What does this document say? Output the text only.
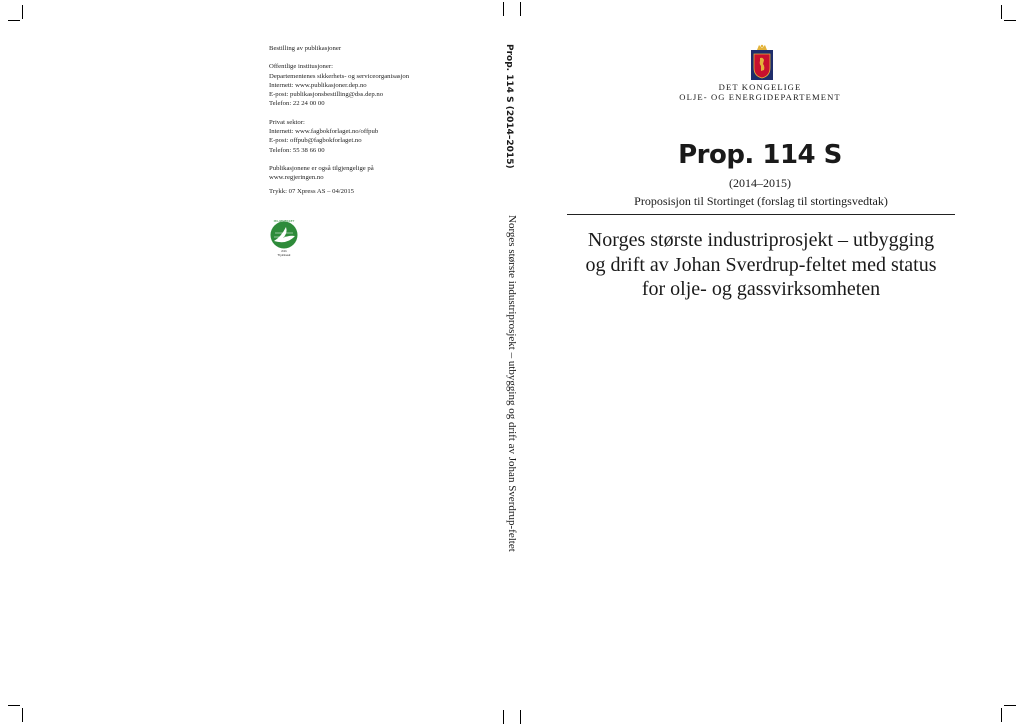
Bestilling av publikasjoner

Offentlige institusjoner:

Departementenes sikkerhets- og serviceorganisasjon

Internett: www.publikasjoner.dep.no

E-post: publikasjonsbestilling@dss.dep.no

Telefon: 22 24 00 00

Privat sektor:

Internett: www.fagbokforlaget.no/offpub

E-post: offpub@fagbokforlaget.no

Telefon: 55 38 66 00

Publikasjonene er også tilgjengelige på

www.regjeringen.no

Trykk: 07 Xpress AS – 04/2015

MILJØMERKET
241
Trykksak
Prop. 114 S (2014–2015)
Norges største industriprosjekt – utbygging og drift av Johan Sverdrup-feltet
DET KONGELIGE
OLJE- OG ENERGIDEPARTEMENT
Prop. 114 S
(2014–2015)
Proposisjon til Stortinget (forslag til stortingsvedtak)
Norges største industriprosjekt – utbygging
og drift av Johan Sverdrup-feltet med status
for olje- og gassvirksomheten
